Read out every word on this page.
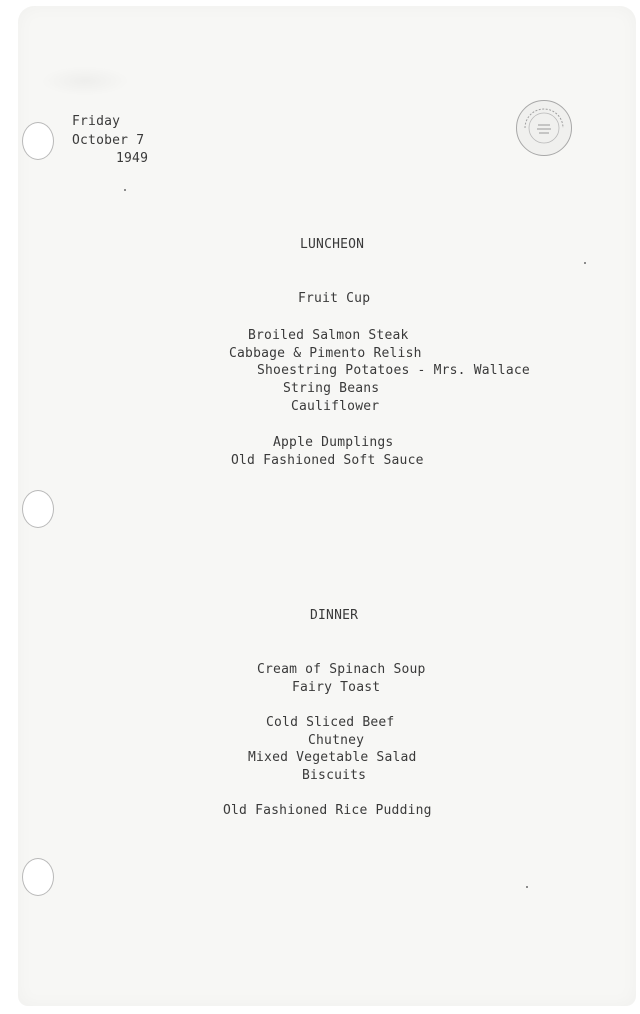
Friday
October 7
1949
LUNCHEON
Fruit Cup
Broiled Salmon Steak
Cabbage & Pimento Relish
Shoestring Potatoes - Mrs. Wallace
String Beans
Cauliflower
Apple Dumplings
Old Fashioned Soft Sauce
DINNER
Cream of Spinach Soup
Fairy Toast
Cold Sliced Beef
Chutney
Mixed Vegetable Salad
Biscuits
Old Fashioned Rice Pudding
